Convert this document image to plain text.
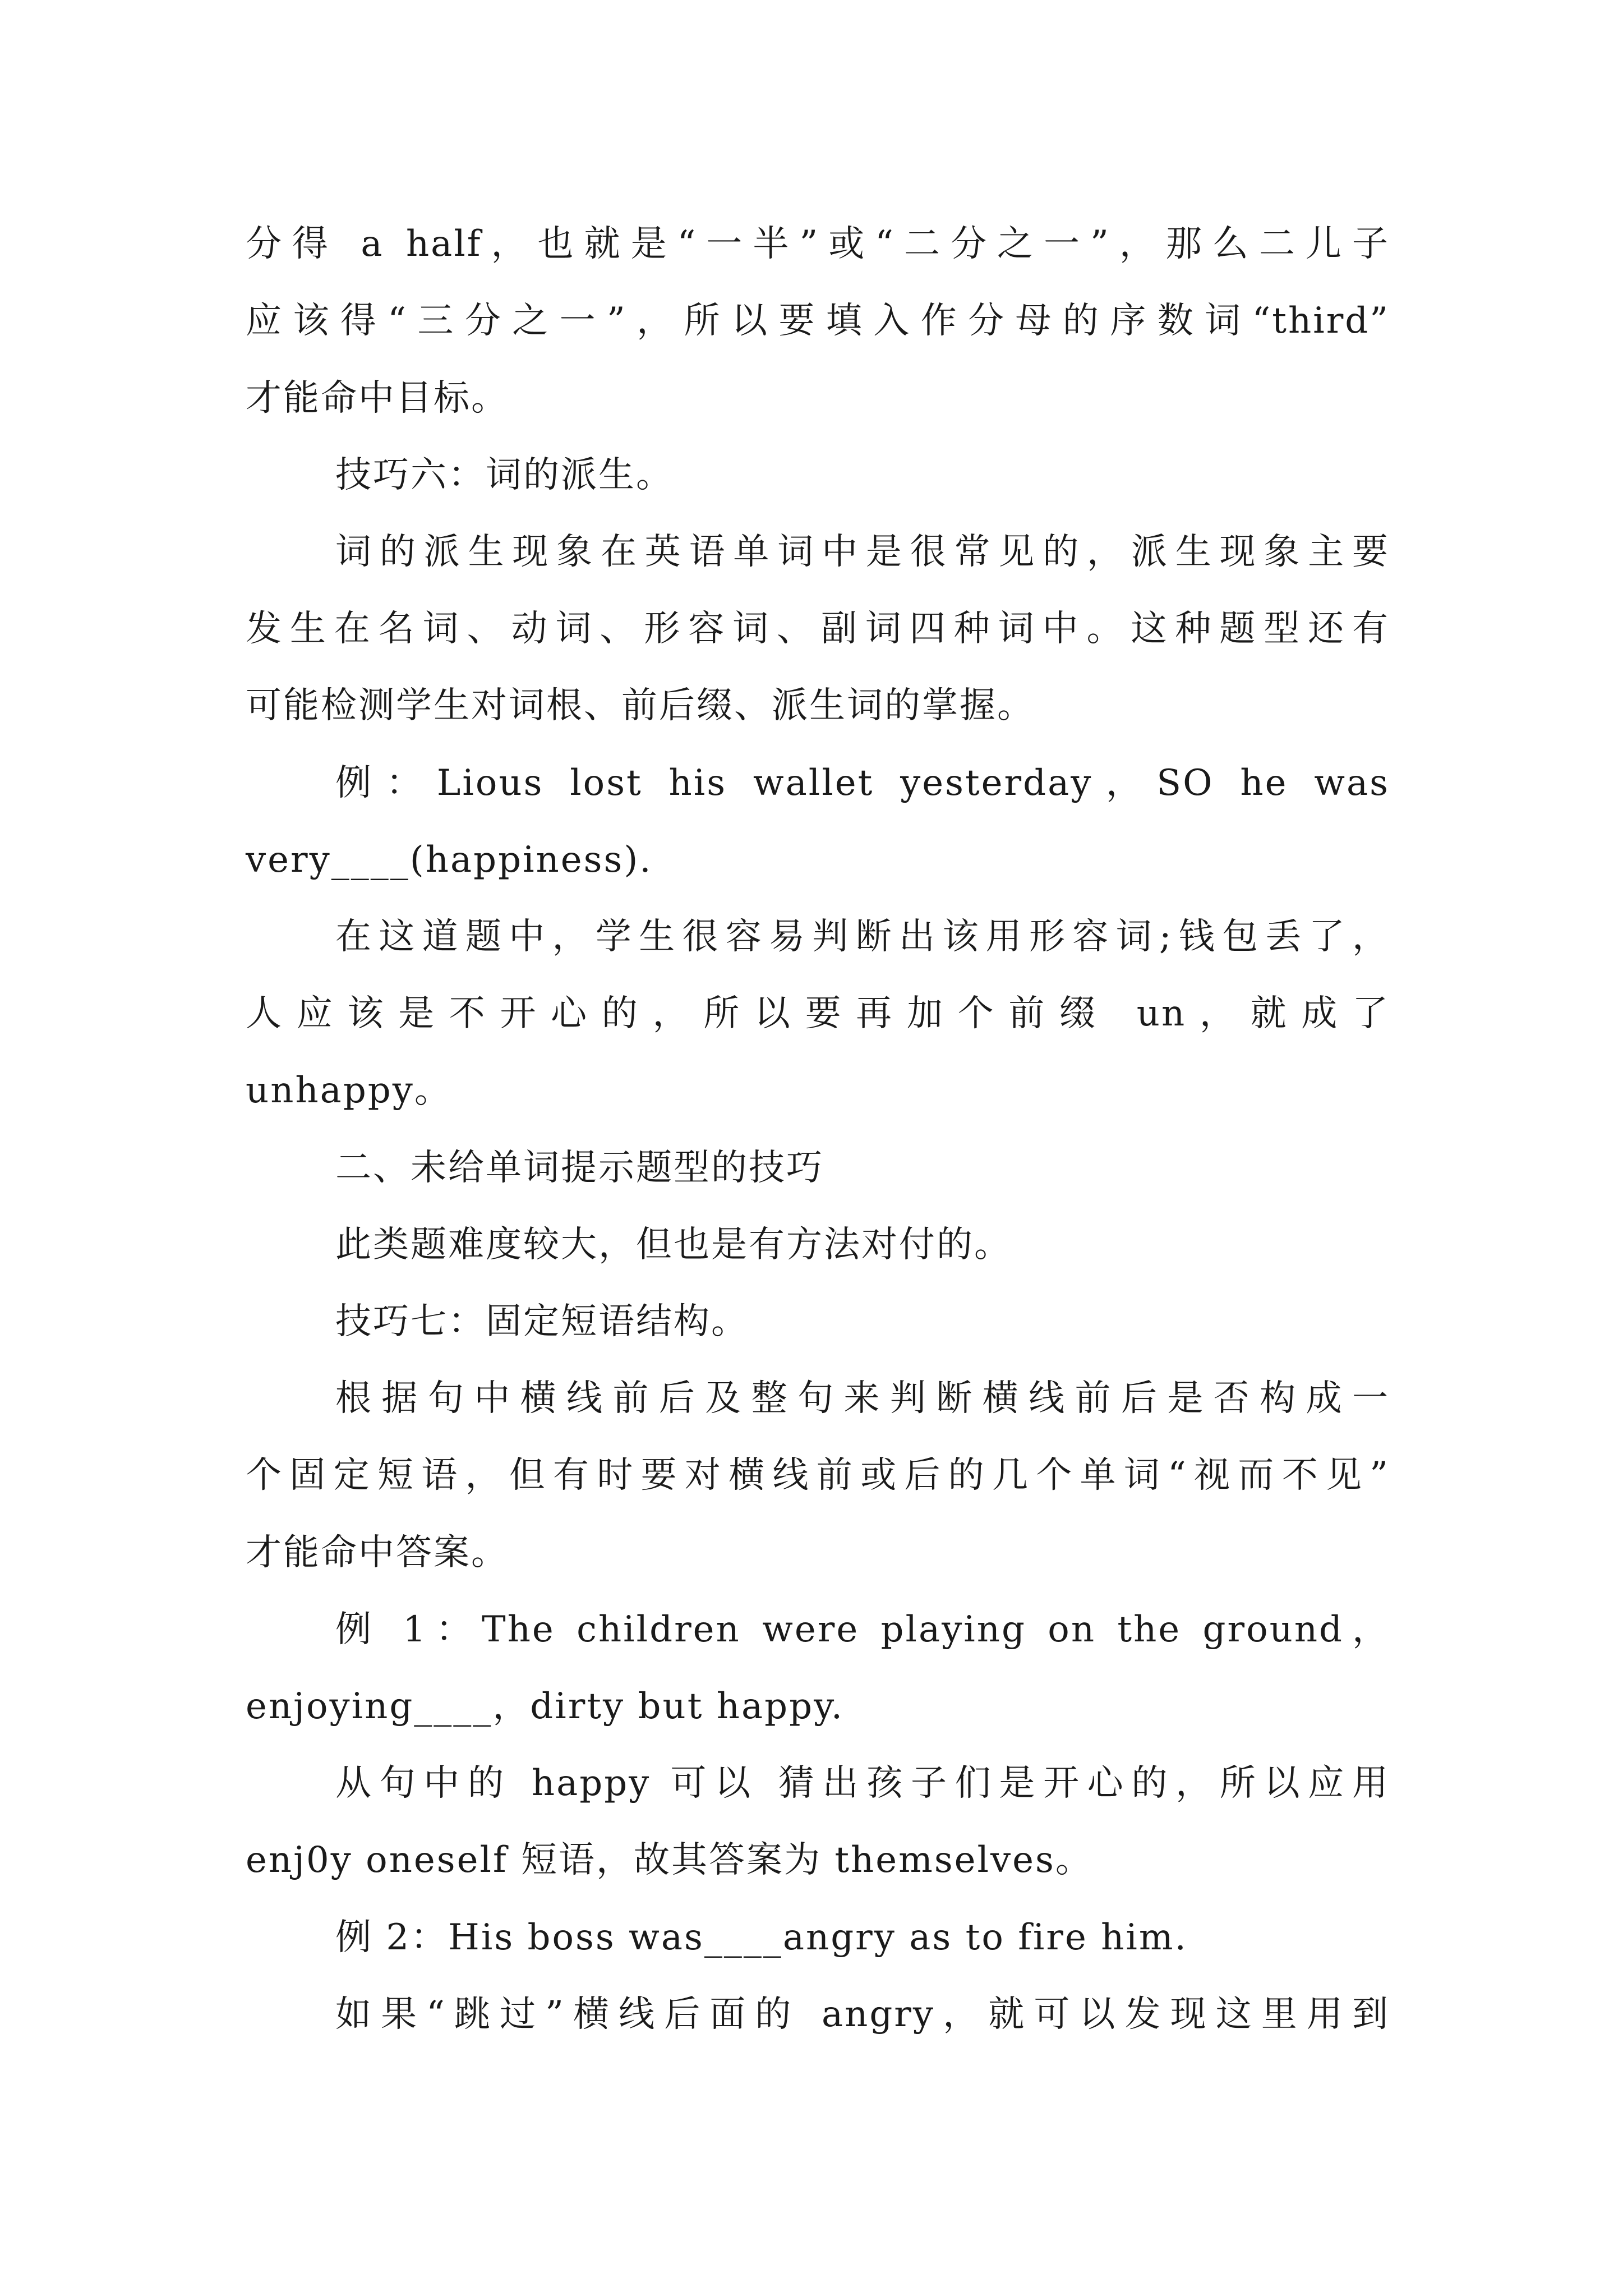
分得 a half，也就是“一半”或“二分之一”，那么二儿子
应该得“三分之一”，所以要填入作分母的序数词“third”
才能命中目标。
技巧六：词的派生。
词的派生现象在英语单词中是很常见的，派生现象主要
发生在名词、动词、形容词、副词四种词中。这种题型还有
可能检测学生对词根、前后缀、派生词的掌握。
例：Lious lost his wallet yesterday，SO he was
very____(happiness).
在这道题中，学生很容易判断出该用形容词;钱包丢了，
人应该是不开心的，所以要再加个前缀 un，就成了
unhappy。
二、未给单词提示题型的技巧
此类题难度较大，但也是有方法对付的。
技巧七：固定短语结构。
根据句中横线前后及整句来判断横线前后是否构成一
个固定短语，但有时要对横线前或后的几个单词“视而不见”
才能命中答案。
例 1：The children were playing on the ground，
enjoying____，dirty but happy.
从句中的 happy 可以 猜出孩子们是开心的，所以应用
enj0y oneself 短语，故其答案为 themselves。
例 2：His boss was____angry as to fire him.
如果“跳过”横线后面的 angry，就可以发现这里用到
